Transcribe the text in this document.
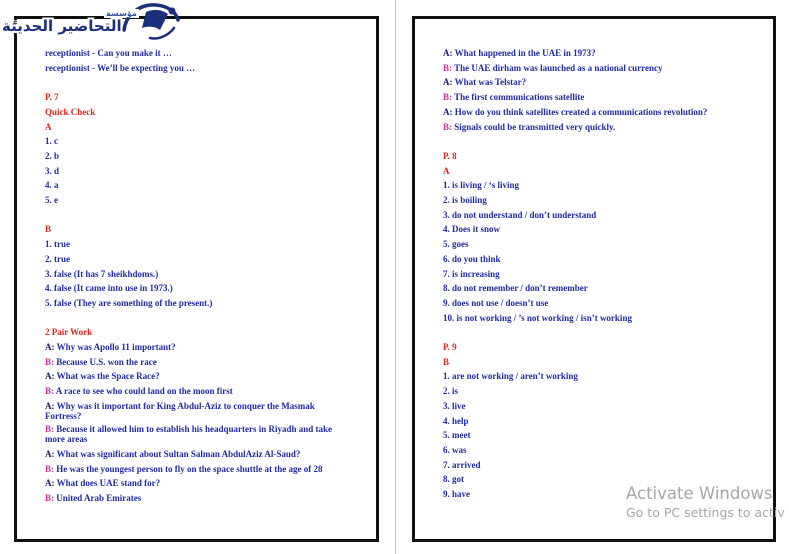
receptionist - Can you make it …
receptionist - We’ll be expecting you …
P. 7
Quick Check
A
1. c
2. b
3. d
4. a
5. e
B
1. true
2. true
3. false (It has 7 sheikhdoms.)
4. false (It came into use in 1973.)
5. false (They are something of the present.)
2 Pair Work
A: Why was Apollo 11 important?
B: Because U.S. won the race
A: What was the Space Race?
B: A race to see who could land on the moon first
A: Why was it important for King Abdul-Aziz to conquer the Masmak Fortress?
B: Because it allowed him to establish his headquarters in Riyadh and take more areas
A: What was significant about Sultan Salman AbdulAziz Al-Saud?
B: He was the youngest person to fly on the space shuttle at the age of 28
A: What does UAE stand for?
B: United Arab Emirates
A: What happened in the UAE in 1973?
B: The UAE dirham was launched as a national currency
A: What was Telstar?
B: The first communications satellite
A: How do you think satellites created a communications revolution?
B: Signals could be transmitted very quickly.
P. 8
A
1. is living / ‘s living
2. is boiling
3. do not understand / don’t understand
4. Does it snow
5. goes
6. do you think
7. is increasing
8. do not remember / don’t remember
9. does not use / doesn’t use
10. is not working / ’s not working / isn’t working
P. 9
B
1. are not working / aren’t working
2. is
3. live
4. help
5. meet
6. was
7. arrived
8. got
9. have
مؤسسة
التحاضير الحديثة
Activate Windows
Go to PC settings to activ
